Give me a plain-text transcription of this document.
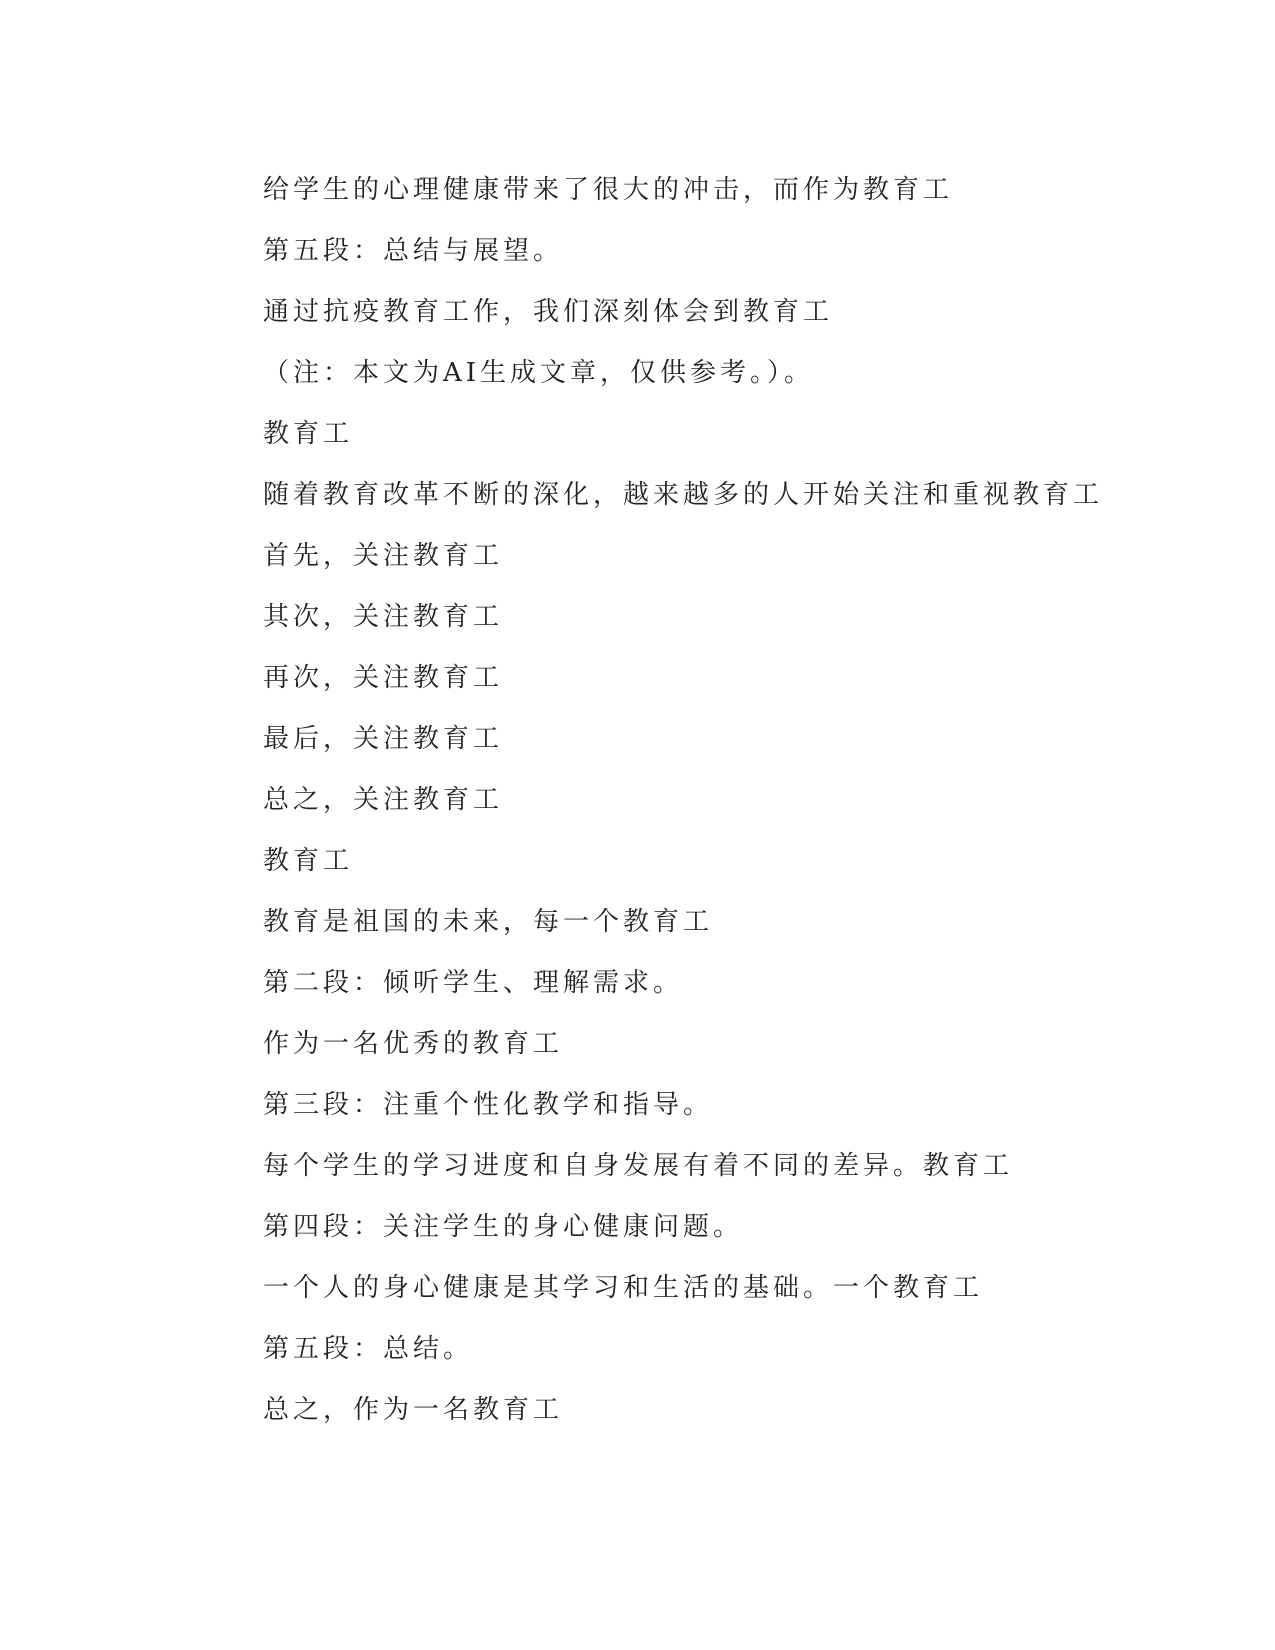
给学生的心理健康带来了很大的冲击，而作为教育工
第五段：总结与展望。
通过抗疫教育工作，我们深刻体会到教育工
（注：本文为AI生成文章，仅供参考。）。
教育工
随着教育改革不断的深化，越来越多的人开始关注和重视教育工
首先，关注教育工
其次，关注教育工
再次，关注教育工
最后，关注教育工
总之，关注教育工
教育工
教育是祖国的未来，每一个教育工
第二段：倾听学生、理解需求。
作为一名优秀的教育工
第三段：注重个性化教学和指导。
每个学生的学习进度和自身发展有着不同的差异。教育工
第四段：关注学生的身心健康问题。
一个人的身心健康是其学习和生活的基础。一个教育工
第五段：总结。
总之，作为一名教育工
